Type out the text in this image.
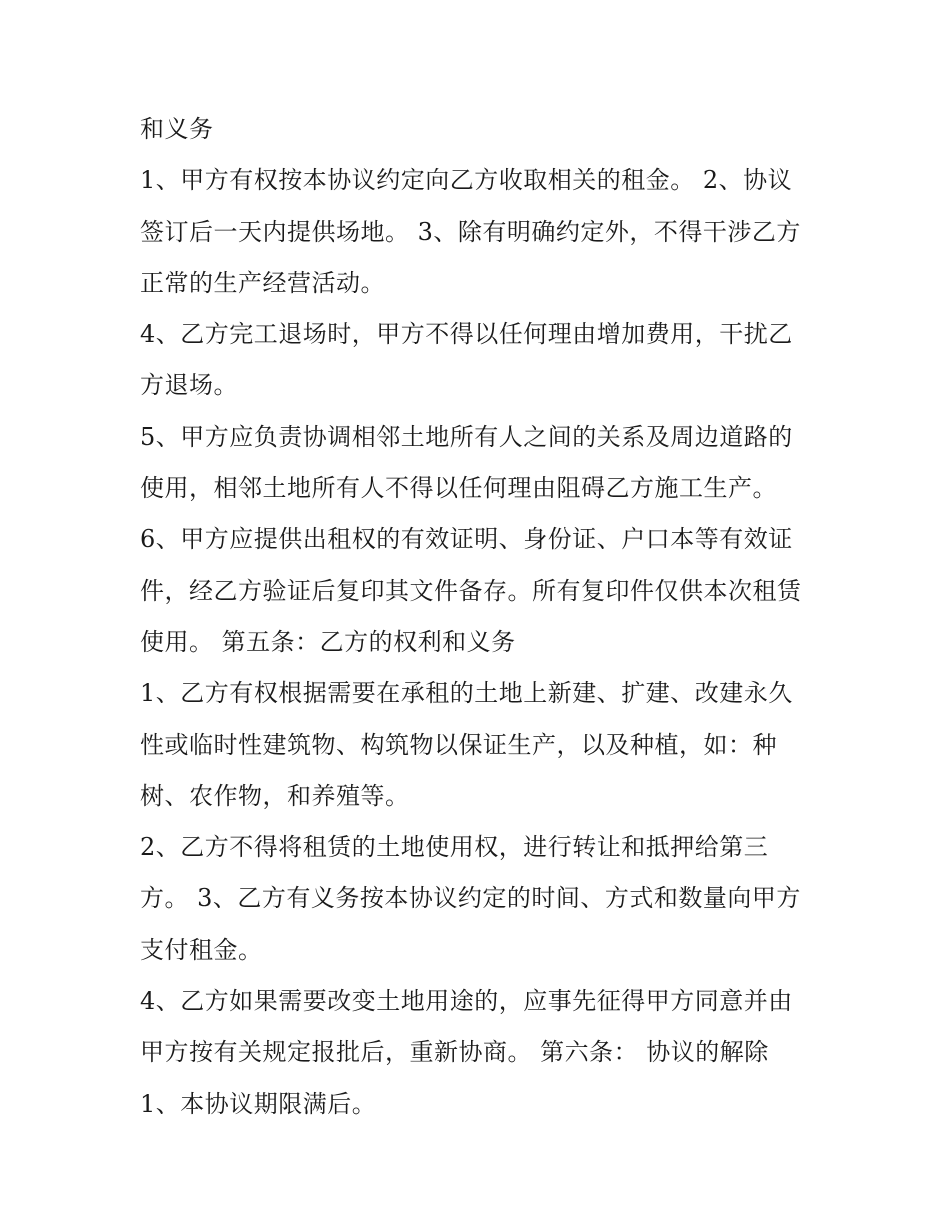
和义务
1、甲方有权按本协议约定向乙方收取相关的租金。 2、协议
签订后一天内提供场地。 3、除有明确约定外，不得干涉乙方
正常的生产经营活动。
4、乙方完工退场时，甲方不得以任何理由增加费用，干扰乙
方退场。
5、甲方应负责协调相邻土地所有人之间的关系及周边道路的
使用，相邻土地所有人不得以任何理由阻碍乙方施工生产。
6、甲方应提供出租权的有效证明、身份证、户口本等有效证
件，经乙方验证后复印其文件备存。所有复印件仅供本次租赁
使用。 第五条：乙方的权利和义务
1、乙方有权根据需要在承租的土地上新建、扩建、改建永久
性或临时性建筑物、构筑物以保证生产，以及种植，如：种
树、农作物，和养殖等。
2、乙方不得将租赁的土地使用权，进行转让和抵押给第三
方。 3、乙方有义务按本协议约定的时间、方式和数量向甲方
支付租金。
4、乙方如果需要改变土地用途的，应事先征得甲方同意并由
甲方按有关规定报批后，重新协商。 第六条： 协议的解除
1、本协议期限满后。
